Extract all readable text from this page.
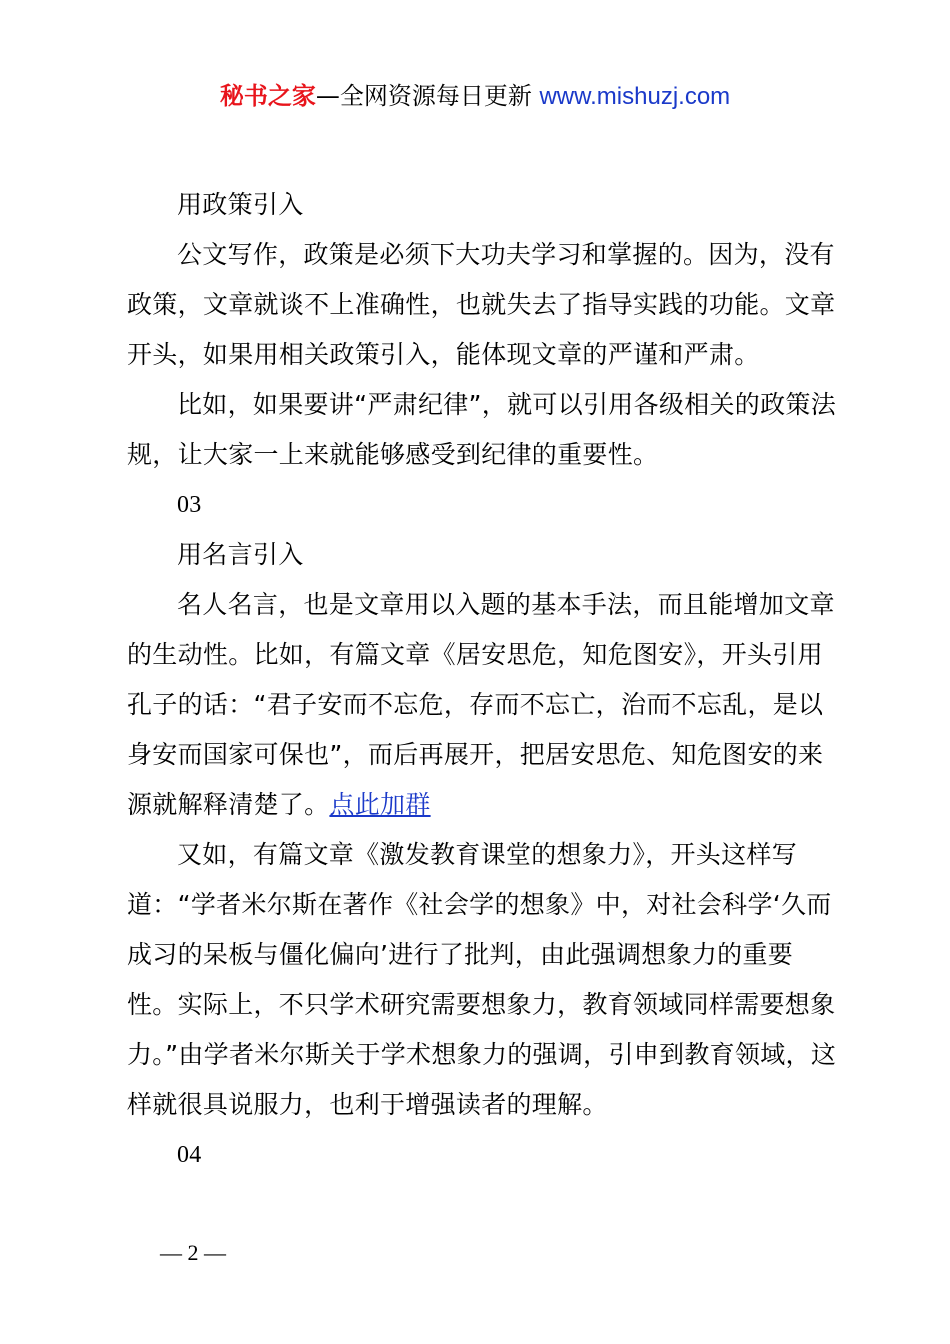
秘书之家—全网资源每日更新 www.mishuzj.com

用政策引入

公文写作，政策是必须下大功夫学习和掌握的。因为，没有政策，文章就谈不上准确性，也就失去了指导实践的功能。文章开头，如果用相关政策引入，能体现文章的严谨和严肃。

比如，如果要讲“严肃纪律”，就可以引用各级相关的政策法规，让大家一上来就能够感受到纪律的重要性。

03

用名言引入

名人名言，也是文章用以入题的基本手法，而且能增加文章的生动性。比如，有篇文章《居安思危，知危图安》，开头引用孔子的话：“君子安而不忘危，存而不忘亡，治而不忘乱，是以身安而国家可保也”，而后再展开，把居安思危、知危图安的来源就解释清楚了。点此加群

又如，有篇文章《激发教育课堂的想象力》，开头这样写道：“学者米尔斯在著作《社会学的想象》中，对社会科学‘久而成习的呆板与僵化偏向’进行了批判，由此强调想象力的重要性。实际上，不只学术研究需要想象力，教育领域同样需要想象力。”由学者米尔斯关于学术想象力的强调，引申到教育领域，这样就很具说服力，也利于增强读者的理解。

04

— 2 —
